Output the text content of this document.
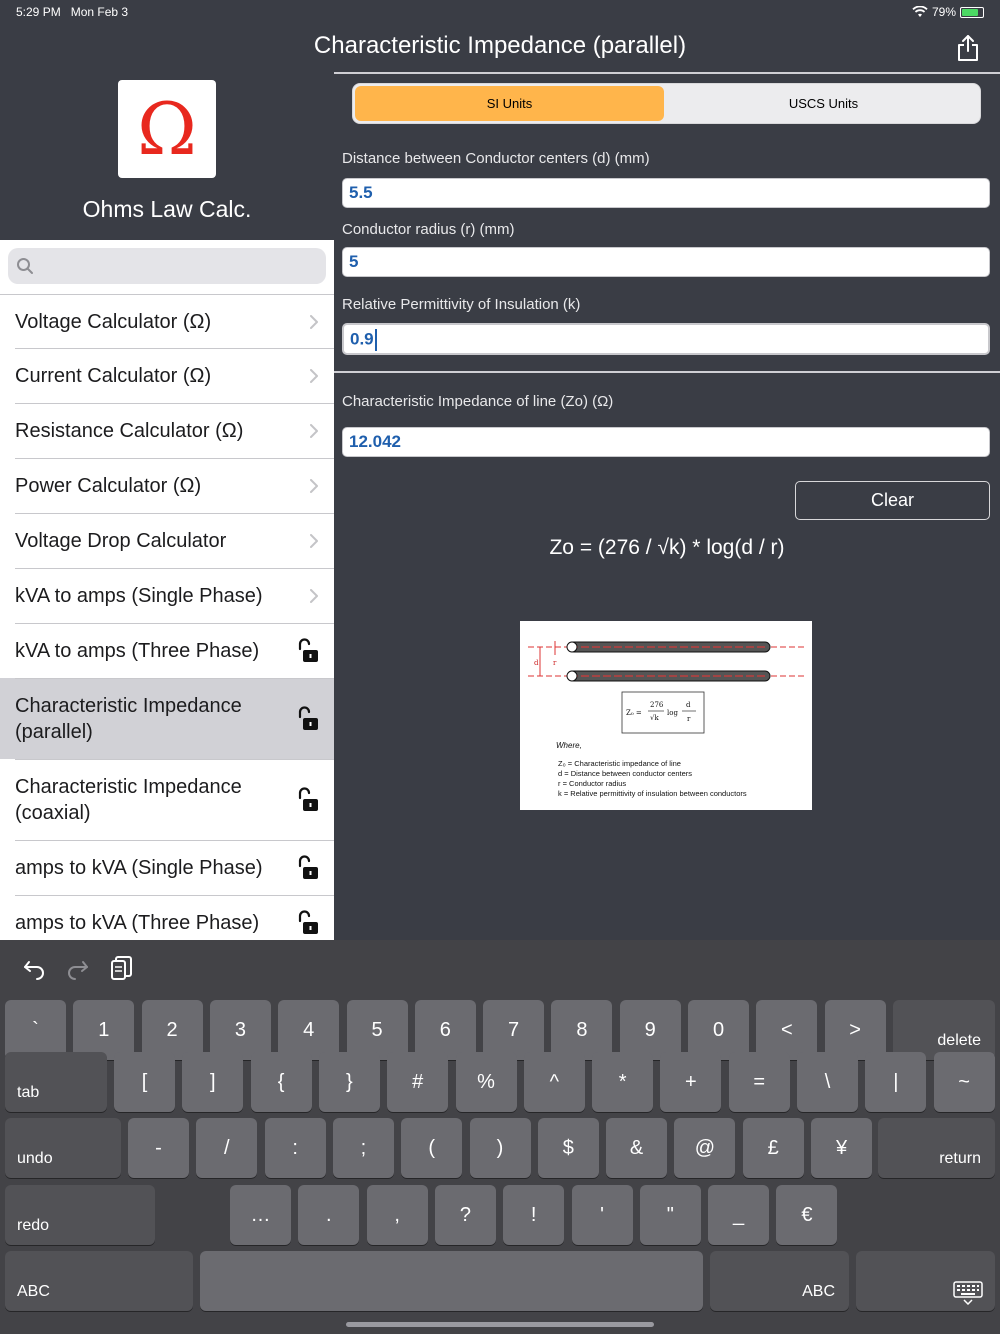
5:29 PM Mon Feb 3	79%
Ω
Ohms Law Calc.
Voltage Calculator (Ω)
Current Calculator (Ω)
Resistance Calculator (Ω)
Power Calculator (Ω)
Voltage Drop Calculator
kVA to amps (Single Phase)
kVA to amps (Three Phase)
Characteristic Impedance (parallel)
Characteristic Impedance (coaxial)
amps to kVA (Single Phase)
amps to kVA (Three Phase)
Characteristic Impedance (parallel)
SI Units	USCS Units
Distance between Conductor centers (d) (mm)
5.5
Conductor radius (r) (mm)
5
Relative Permittivity of Insulation (k)
0.9
Characteristic Impedance of line (Zo) (Ω)
12.042
Clear
Zo = (276 / √k) * log(d / r)
d r
Z₀ =
276
√k
log
d
r
Where,
Z₀ = Characteristic impedance of line
d = Distance between conductor centers
r = Conductor radius
k = Relative permittivity of insulation between conductors
`	1	2	3	4	5	6	7	8	9	0	<	>	delete
tab	[	]	{	}	#	%	^	*	+	=	\	|	~
undo	-	/	:	;	(	)	$	&	@	£	¥	return
redo	…	.	,	?	!	'	"	_	€
ABC	ABC
